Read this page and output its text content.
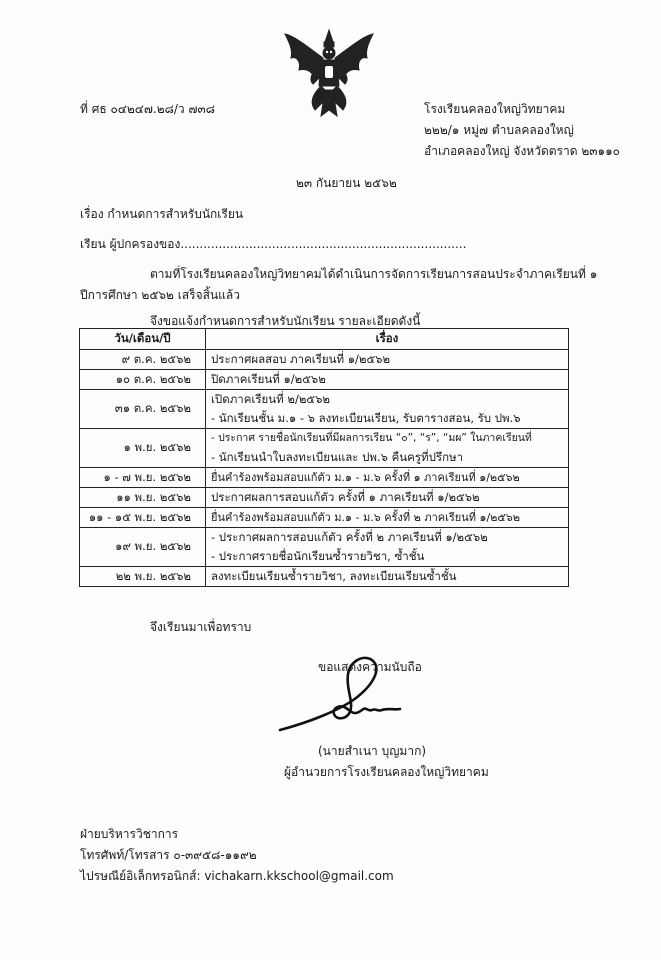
ที่ ศธ ๐๔๒๔๗.๒๘/ว ๗๓๘	โรงเรียนคลองใหญ่วิทยาคม
๒๒๒/๑ หมู่๗ ตำบลคลองใหญ่
อำเภอคลองใหญ่ จังหวัดตราด ๒๓๑๑๐
๒๓ กันยายน ๒๕๖๒
เรื่อง กำหนดการสำหรับนักเรียน
เรียน ผู้ปกครองของ...........................................................................
ตามที่โรงเรียนคลองใหญ่วิทยาคมได้ดำเนินการจัดการเรียนการสอนประจำภาคเรียนที่ ๑
ปีการศึกษา ๒๕๖๒ เสร็จสิ้นแล้ว
จึงขอแจ้งกำหนดการสำหรับนักเรียน รายละเอียดดังนี้
วัน/เดือน/ปี	เรื่อง
๙ ต.ค. ๒๕๖๒	ประกาศผลสอบ ภาคเรียนที่ ๑/๒๕๖๒

๑๐ ต.ค. ๒๕๖๒	ปิดภาคเรียนที่ ๑/๒๕๖๒

๓๑ ต.ค. ๒๕๖๒	เปิดภาคเรียนที่ ๒/๒๕๖๒
- นักเรียนชั้น ม.๑ - ๖ ลงทะเบียนเรียน, รับตารางสอน, รับ ปพ.๖

๑ พ.ย. ๒๕๖๒	- ประกาศ รายชื่อนักเรียนที่มีผลการเรียน “๐”, “ร”, “มผ” ในภาคเรียนที่
- นักเรียนนำใบลงทะเบียนและ ปพ.๖ คืนครูที่ปรึกษา

๑ - ๗ พ.ย. ๒๕๖๒	ยื่นคำร้องพร้อมสอบแก้ตัว ม.๑ - ม.๖ ครั้งที่ ๑ ภาคเรียนที่ ๑/๒๕๖๒

๑๑ พ.ย. ๒๕๖๒	ประกาศผลการสอบแก้ตัว ครั้งที่ ๑ ภาคเรียนที่ ๑/๒๕๖๒

๑๑ - ๑๕ พ.ย. ๒๕๖๒	ยื่นคำร้องพร้อมสอบแก้ตัว ม.๑ - ม.๖ ครั้งที่ ๒ ภาคเรียนที่ ๑/๒๕๖๒

๑๙ พ.ย. ๒๕๖๒	- ประกาศผลการสอบแก้ตัว ครั้งที่ ๒ ภาคเรียนที่ ๑/๒๕๖๒
- ประกาศรายชื่อนักเรียนซ้ำรายวิชา, ซ้ำชั้น

๒๒ พ.ย. ๒๕๖๒	ลงทะเบียนเรียนซ้ำรายวิชา, ลงทะเบียนเรียนซ้ำชั้น
จึงเรียนมาเพื่อทราบ
ขอแสดงความนับถือ
(นายสำเนา บุญมาก)
ผู้อำนวยการโรงเรียนคลองใหญ่วิทยาคม
ฝ่ายบริหารวิชาการ
โทรศัพท์/โทรสาร ๐-๓๙๕๘-๑๑๙๒
ไปรษณีย์อิเล็กทรอนิกส์: vichakarn.kkschool@gmail.com
